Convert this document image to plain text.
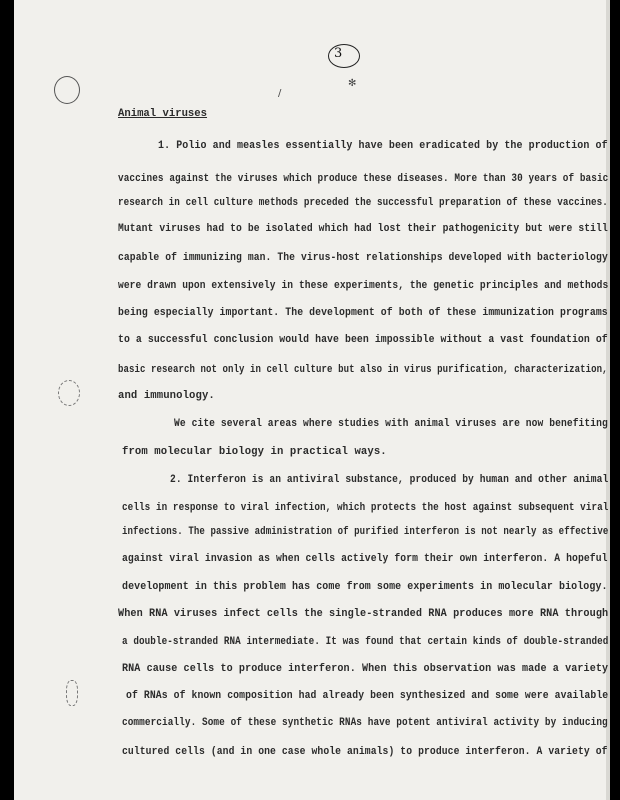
3
✻
/
Animal viruses
1. Polio and measles essentially have been eradicated by the production of
vaccines against the viruses which produce these diseases. More than 30 years of basic
research in cell culture methods preceded the successful preparation of these vaccines.
Mutant viruses had to be isolated which had lost their pathogenicity but were still
capable of immunizing man. The virus-host relationships developed with bacteriology
were drawn upon extensively in these experiments, the genetic principles and methods
being especially important. The development of both of these immunization programs
to a successful conclusion would have been impossible without a vast foundation of
basic research not only in cell culture but also in virus purification, characterization,
and immunology.
We cite several areas where studies with animal viruses are now benefiting
from molecular biology in practical ways.
2. Interferon is an antiviral substance, produced by human and other animal
cells in response to viral infection, which protects the host against subsequent viral
infections. The passive administration of purified interferon is not nearly as effective
against viral invasion as when cells actively form their own interferon. A hopeful
development in this problem has come from some experiments in molecular biology.
When RNA viruses infect cells the single-stranded RNA produces more RNA through
a double-stranded RNA intermediate. It was found that certain kinds of double-stranded
RNA cause cells to produce interferon. When this observation was made a variety
of RNAs of known composition had already been synthesized and some were available
commercially. Some of these synthetic RNAs have potent antiviral activity by inducing
cultured cells (and in one case whole animals) to produce interferon. A variety of
